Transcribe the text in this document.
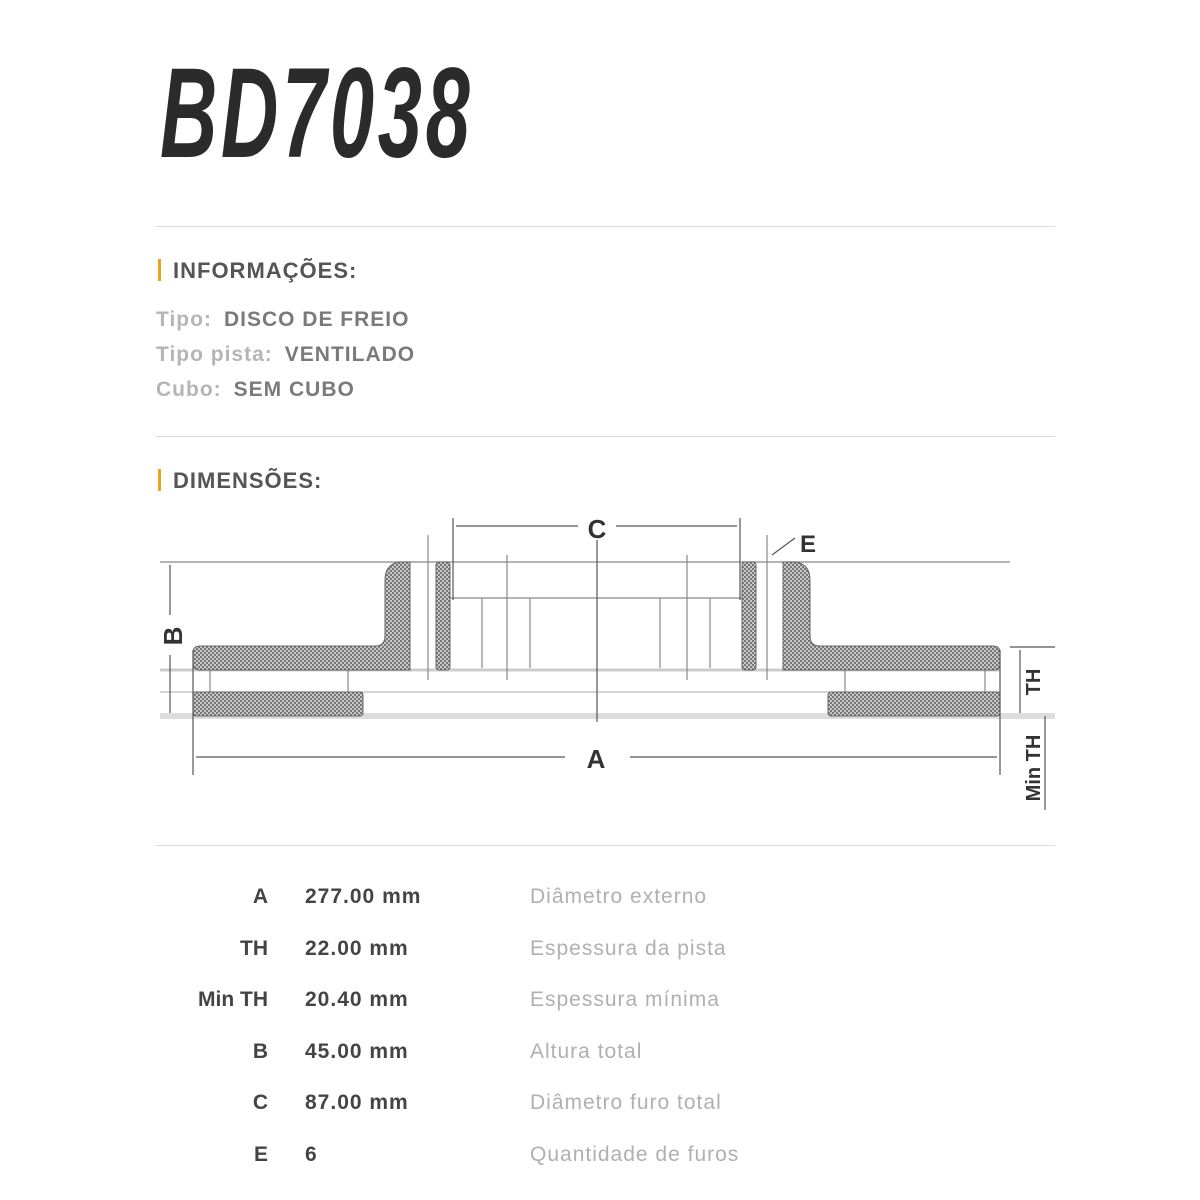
BD7038
INFORMAÇÕES:
Tipo: DISCO DE FREIO
Tipo pista: VENTILADO
Cubo: SEM CUBO
DIMENSÕES:
C
E
A
B
TH
Min TH
A 277.00 mm	Diâmetro externo
TH 22.00 mm	Espessura da pista
Min TH 20.40 mm	Espessura mínima
B 45.00 mm	Altura total
C 87.00 mm	Diâmetro furo total
E 6	Quantidade de furos
